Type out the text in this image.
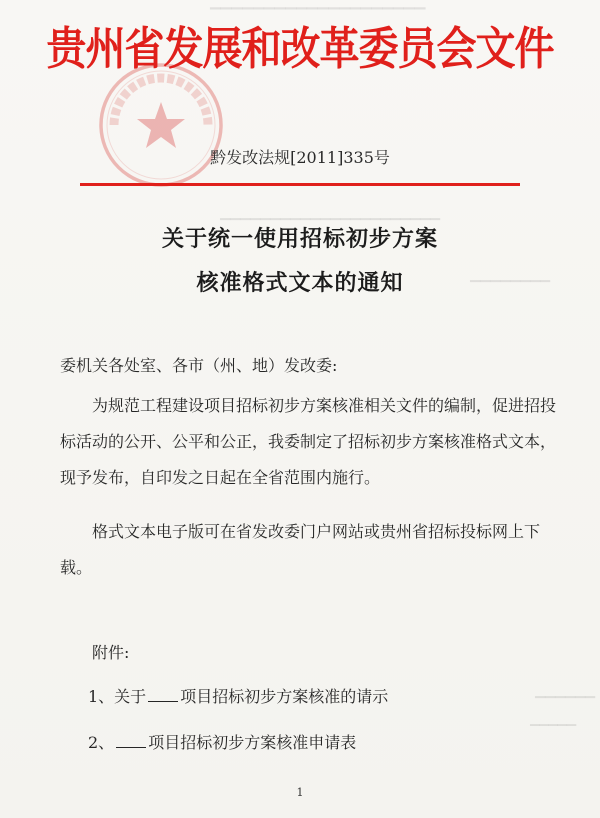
▁▁▁▁▁▁▁▁▁▁▁▁▁▁▁▁▁▁▁▁
▁▁▁▁▁▁▁▁
▁▁▁▁▁▁
▁▁▁▁▁
▁▁▁▁▁▁▁▁▁▁▁▁▁▁▁▁▁▁▁▁▁▁
贵州省发展和改革委员会文件
黔发改法规[2011]335号
关于统一使用招标初步方案
核准格式文本的通知
委机关各处室、各市（州、地）发改委:
为规范工程建设项目招标初步方案核准相关文件的编制，促进招投标活动的公开、公平和公正，我委制定了招标初步方案核准格式文本，现予发布，自印发之日起在全省范围内施行。
格式文本电子版可在省发改委门户网站或贵州省招标投标网上下载。
附件:
1、关于 项目招标初步方案核准的请示
2、 项目招标初步方案核准申请表
1
